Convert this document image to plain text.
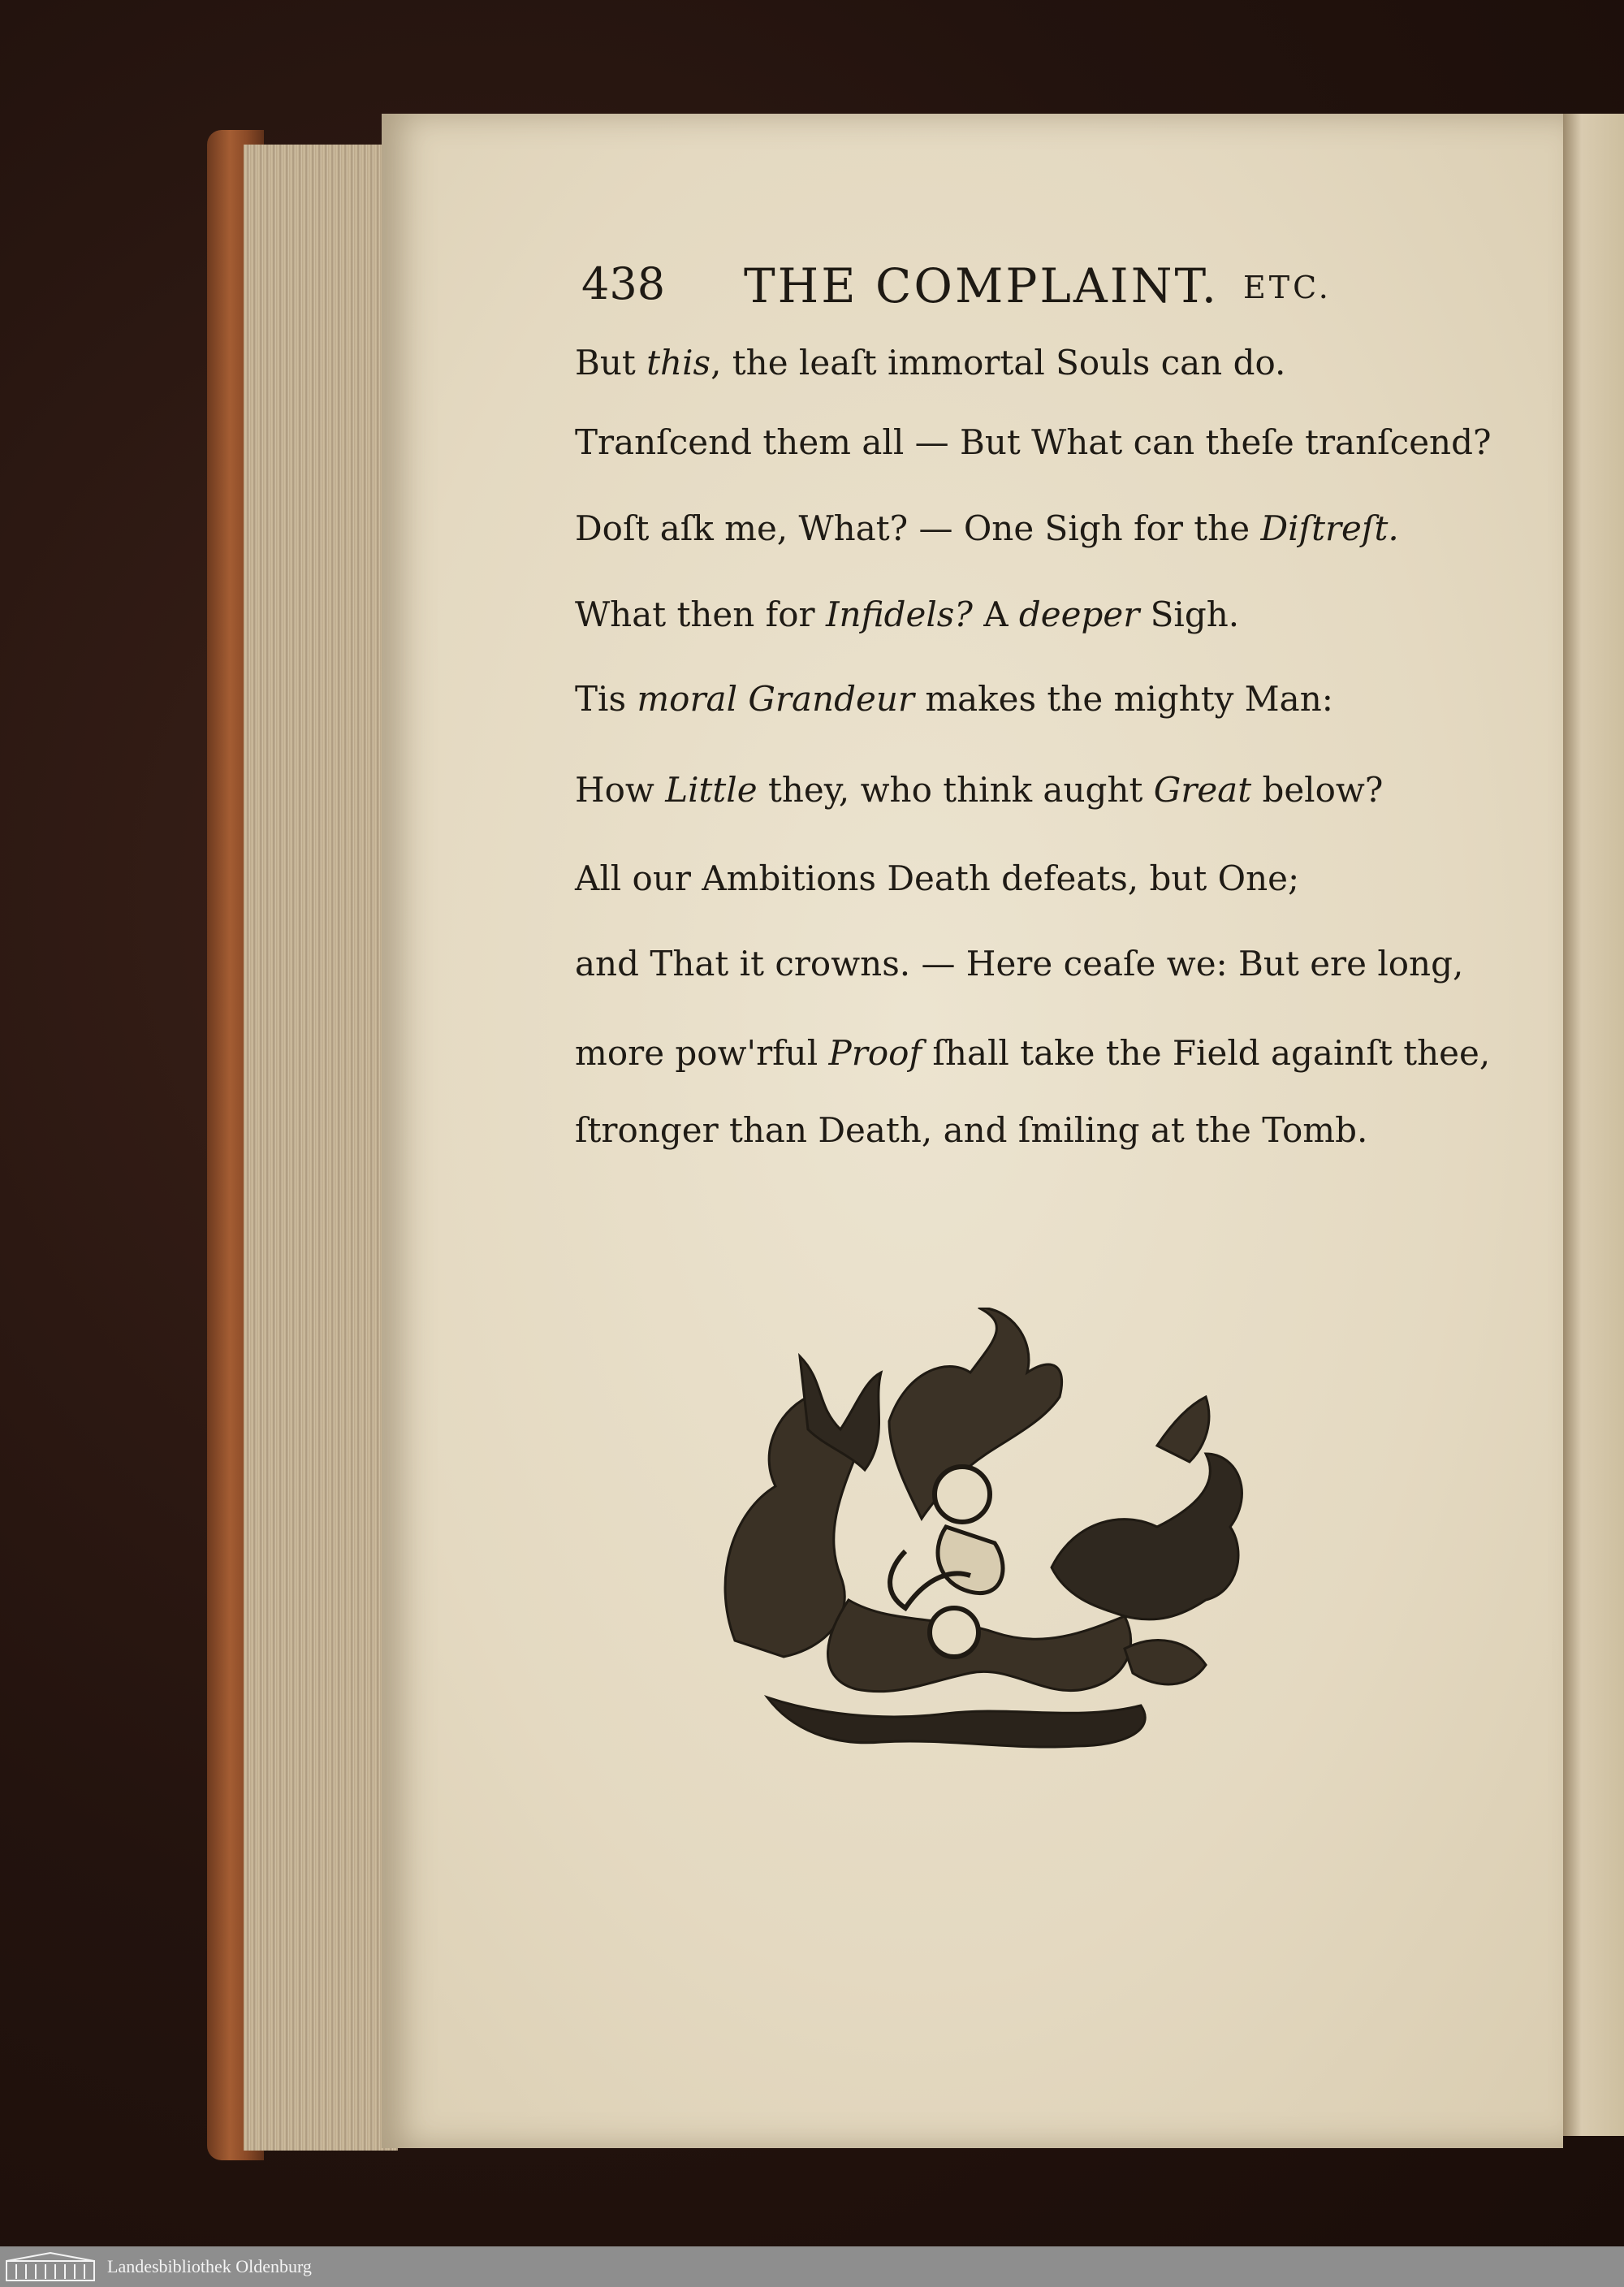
438 THE COMPLAINT. ETC.
But this, the leaſt immortal Souls can do.
Tranſcend them all — But What can theſe tranſcend?
Doſt aſk me, What? — One Sigh for the Diſtreſt.
What then for Infidels? A deeper Sigh.
Tis moral Grandeur makes the mighty Man:
How Little they, who think aught Great below?
All our Ambitions Death defeats, but One;
and That it crowns. — Here ceaſe we: But ere long,
more pow'rful Proof ſhall take the Field againſt thee,
ſtronger than Death, and ſmiling at the Tomb.
Landesbibliothek Oldenburg
